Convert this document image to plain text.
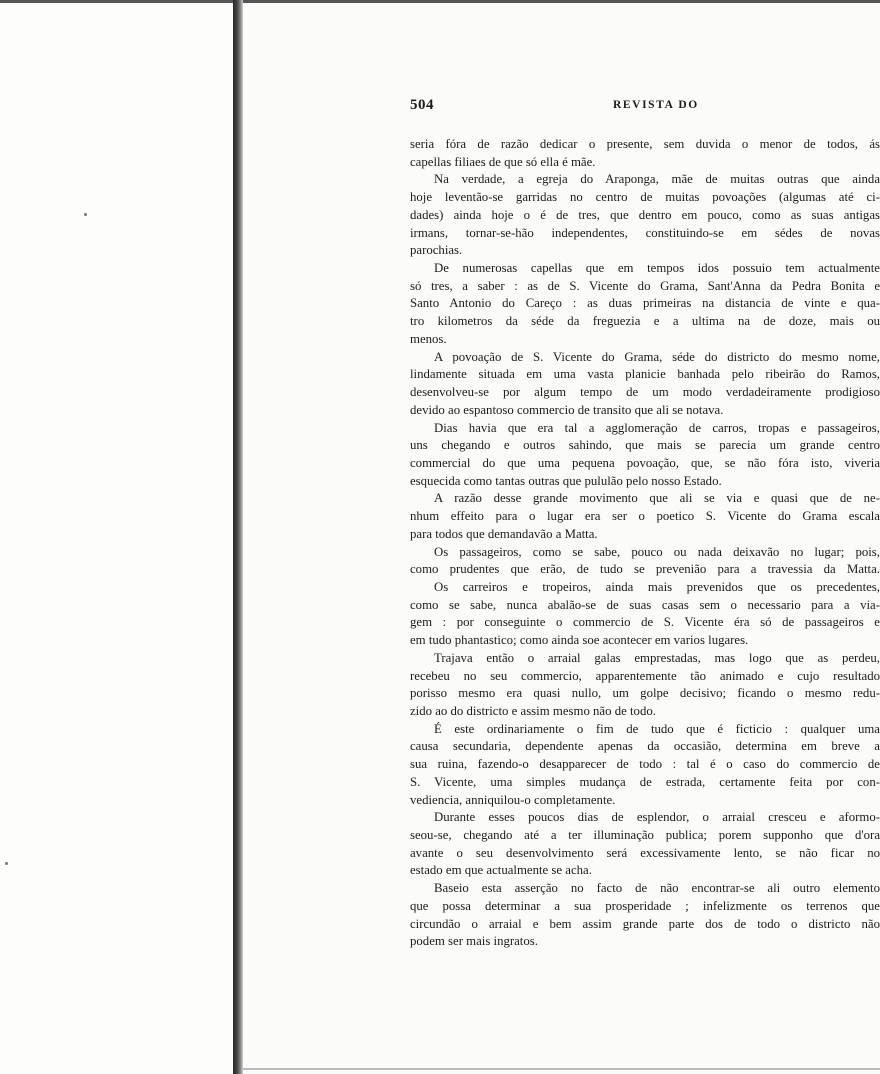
504	REVISTA DO
seria fóra de razão dedicar o presente, sem duvida o menor de todos, ás
capellas filiaes de que só ella é mãe.
Na verdade, a egreja do Araponga, mãe de muitas outras que ainda
hoje leventão-se garridas no centro de muitas povoações (algumas até ci-
dades) ainda hoje o é de tres, que dentro em pouco, como as suas antigas
irmans, tornar-se-hão independentes, constituindo-se em sédes de novas
parochias.
De numerosas capellas que em tempos idos possuio tem actualmente
só tres, a saber : as de S. Vicente do Grama, Sant'Anna da Pedra Bonita e
Santo Antonio do Careço : as duas primeiras na distancia de vinte e qua-
tro kilometros da séde da freguezia e a ultima na de doze, mais ou
menos.
A povoação de S. Vicente do Grama, séde do districto do mesmo nome,
lindamente situada em uma vasta planicie banhada pelo ribeirão do Ramos,
desenvolveu-se por algum tempo de um modo verdadeiramente prodigioso
devido ao espantoso commercio de transito que ali se notava.
Dias havia que era tal a agglomeração de carros, tropas e passageiros,
uns chegando e outros sahindo, que mais se parecia um grande centro
commercial do que uma pequena povoação, que, se não fóra isto, viveria
esquecida como tantas outras que pululão pelo nosso Estado.
A razão desse grande movimento que ali se via e quasi que de ne-
nhum effeito para o lugar era ser o poetico S. Vicente do Grama escala
para todos que demandavão a Matta.
Os passageiros, como se sabe, pouco ou nada deixavão no lugar; pois,
como prudentes que erão, de tudo se prevenião para a travessia da Matta.
Os carreiros e tropeiros, ainda mais prevenidos que os precedentes,
como se sabe, nunca abalão-se de suas casas sem o necessario para a via-
gem : por conseguinte o commercio de S. Vicente éra só de passageiros e
em tudo phantastico; como ainda soe acontecer em varios lugares.
Trajava então o arraial galas emprestadas, mas logo que as perdeu,
recebeu no seu commercio, apparentemente tão animado e cujo resultado
porisso mesmo era quasi nullo, um golpe decisivo; ficando o mesmo redu-
zido ao do districto e assim mesmo não de todo.
É este ordinariamente o fim de tudo que é ficticio : qualquer uma
causa secundaria, dependente apenas da occasião, determina em breve a
sua ruina, fazendo-o desapparecer de todo : tal é o caso do commercio de
S. Vicente, uma simples mudança de estrada, certamente feita por con-
vediencia, anniquilou-o completamente.
Durante esses poucos dias de esplendor, o arraial cresceu e aformo-
seou-se, chegando até a ter illuminação publica; porem supponho que d'ora
avante o seu desenvolvimento será excessivamente lento, se não ficar no
estado em que actualmente se acha.
Baseio esta asserção no facto de não encontrar-se ali outro elemento
que possa determinar a sua prosperidade ; infelizmente os terrenos que
circundão o arraial e bem assim grande parte dos de todo o districto não
podem ser mais ingratos.
